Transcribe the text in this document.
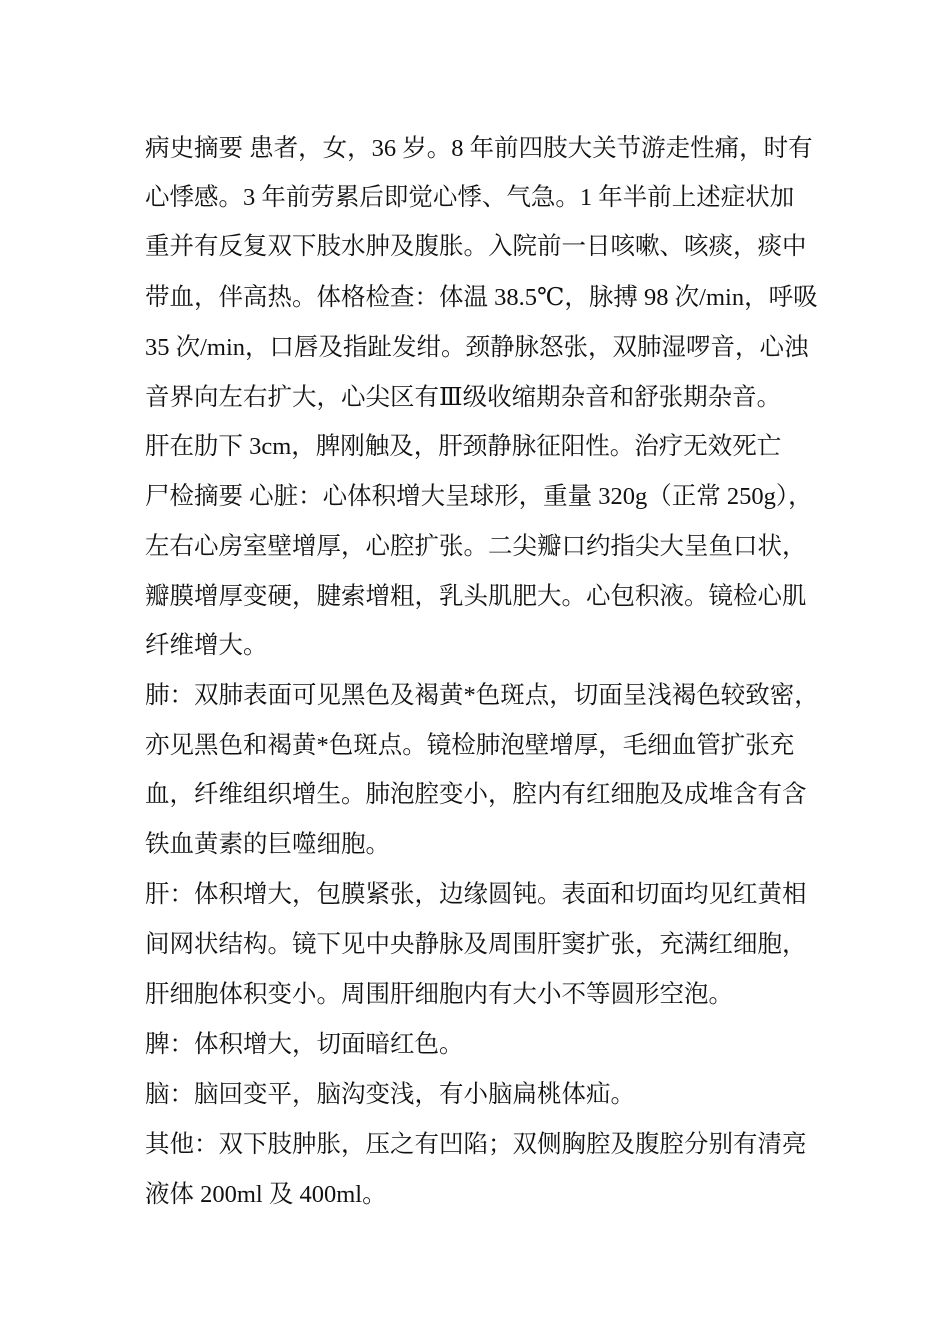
病史摘要 患者，女，36 岁。8 年前四肢大关节游走性痛，时有
心悸感。3 年前劳累后即觉心悸、气急。1 年半前上述症状加
重并有反复双下肢水肿及腹胀。入院前一日咳嗽、咳痰，痰中
带血，伴高热。体格检查：体温 38.5℃，脉搏 98 次/min，呼吸
35 次/min，口唇及指趾发绀。颈静脉怒张，双肺湿啰音，心浊
音界向左右扩大，心尖区有Ⅲ级收缩期杂音和舒张期杂音。
肝在肋下 3cm，脾刚触及，肝颈静脉征阳性。治疗无效死亡
尸检摘要 心脏：心体积增大呈球形，重量 320g（正常 250g），
左右心房室壁增厚，心腔扩张。二尖瓣口约指尖大呈鱼口状，
瓣膜增厚变硬，腱索增粗，乳头肌肥大。心包积液。镜检心肌
纤维增大。
肺：双肺表面可见黑色及褐黄*色斑点，切面呈浅褐色较致密，
亦见黑色和褐黄*色斑点。镜检肺泡壁增厚，毛细血管扩张充
血，纤维组织增生。肺泡腔变小，腔内有红细胞及成堆含有含
铁血黄素的巨噬细胞。
肝：体积增大，包膜紧张，边缘圆钝。表面和切面均见红黄相
间网状结构。镜下见中央静脉及周围肝窦扩张，充满红细胞，
肝细胞体积变小。周围肝细胞内有大小不等圆形空泡。
脾：体积增大，切面暗红色。
脑：脑回变平，脑沟变浅，有小脑扁桃体疝。
其他：双下肢肿胀，压之有凹陷；双侧胸腔及腹腔分别有清亮
液体 200ml 及 400ml。
